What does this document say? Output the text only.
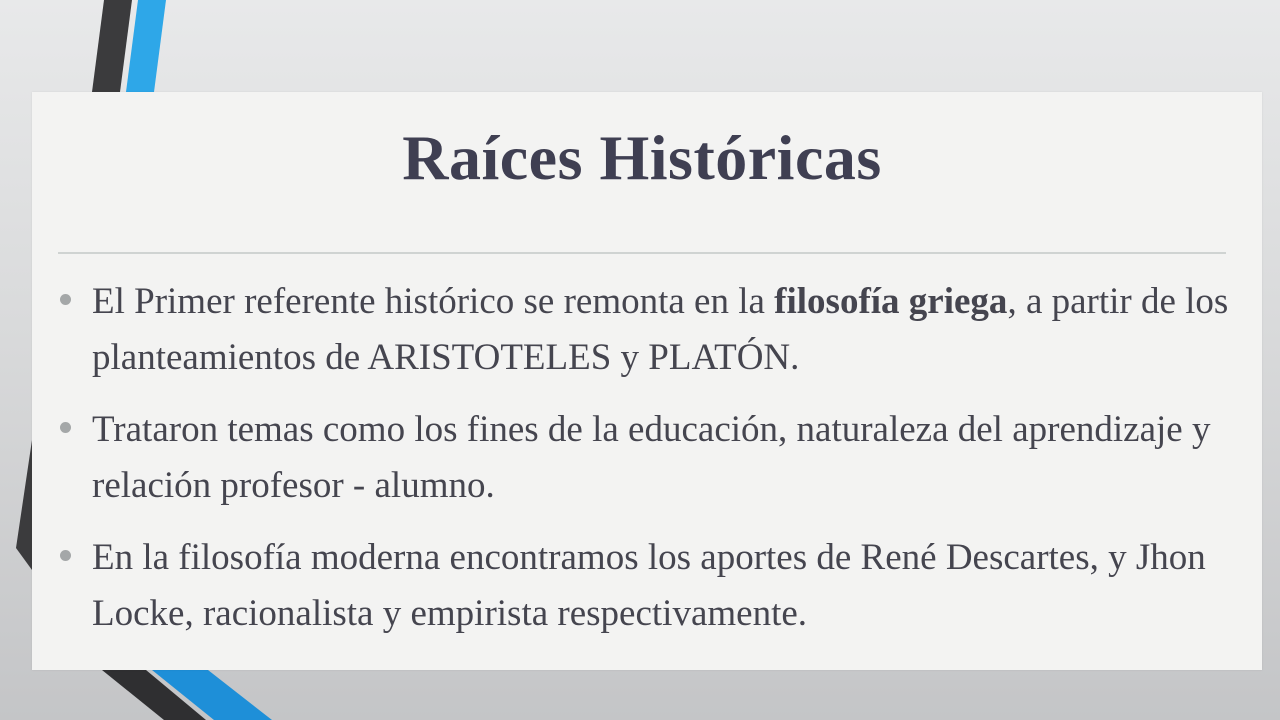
Raíces Históricas
El Primer referente histórico se remonta en la filosofía griega, a partir de los planteamientos de ARISTOTELES y PLATÓN.
Trataron temas como los fines de la educación, naturaleza del aprendizaje y relación profesor - alumno.
En la filosofía moderna encontramos los aportes de René Descartes, y Jhon Locke, racionalista y empirista respectivamente.
